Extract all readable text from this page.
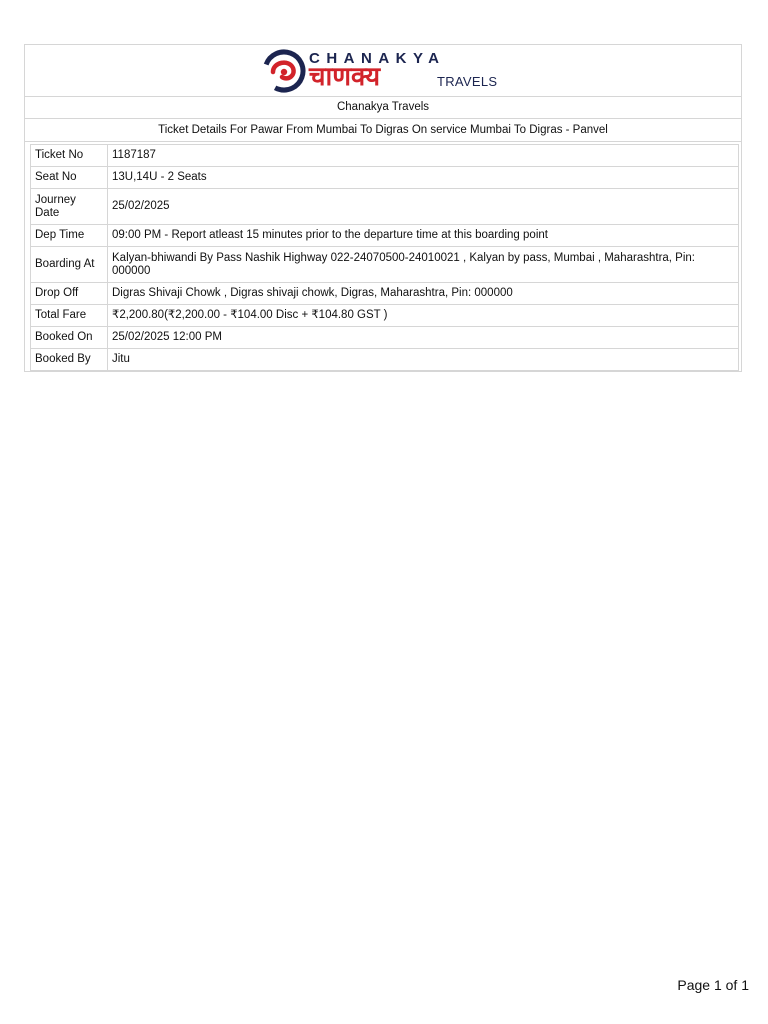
CHANAKYA
चाणक्य	TRAVELS
Chanakya Travels
Ticket Details For Pawar From Mumbai To Digras On service Mumbai To Digras - Panvel
Ticket No	1187187
Seat No	13U,14U - 2 Seats
Journey Date	25/02/2025
Dep Time	09:00 PM - Report atleast 15 minutes prior to the departure time at this boarding point
Boarding At	Kalyan-bhiwandi By Pass Nashik Highway 022-24070500-24010021 , Kalyan by pass, Mumbai , Maharashtra, Pin: 000000
Drop Off	Digras Shivaji Chowk , Digras shivaji chowk, Digras, Maharashtra, Pin: 000000
Total Fare	₹2,200.80(₹2,200.00 - ₹104.00 Disc + ₹104.80 GST )
Booked On	25/02/2025 12:00 PM
Booked By	Jitu
Page 1 of 1
